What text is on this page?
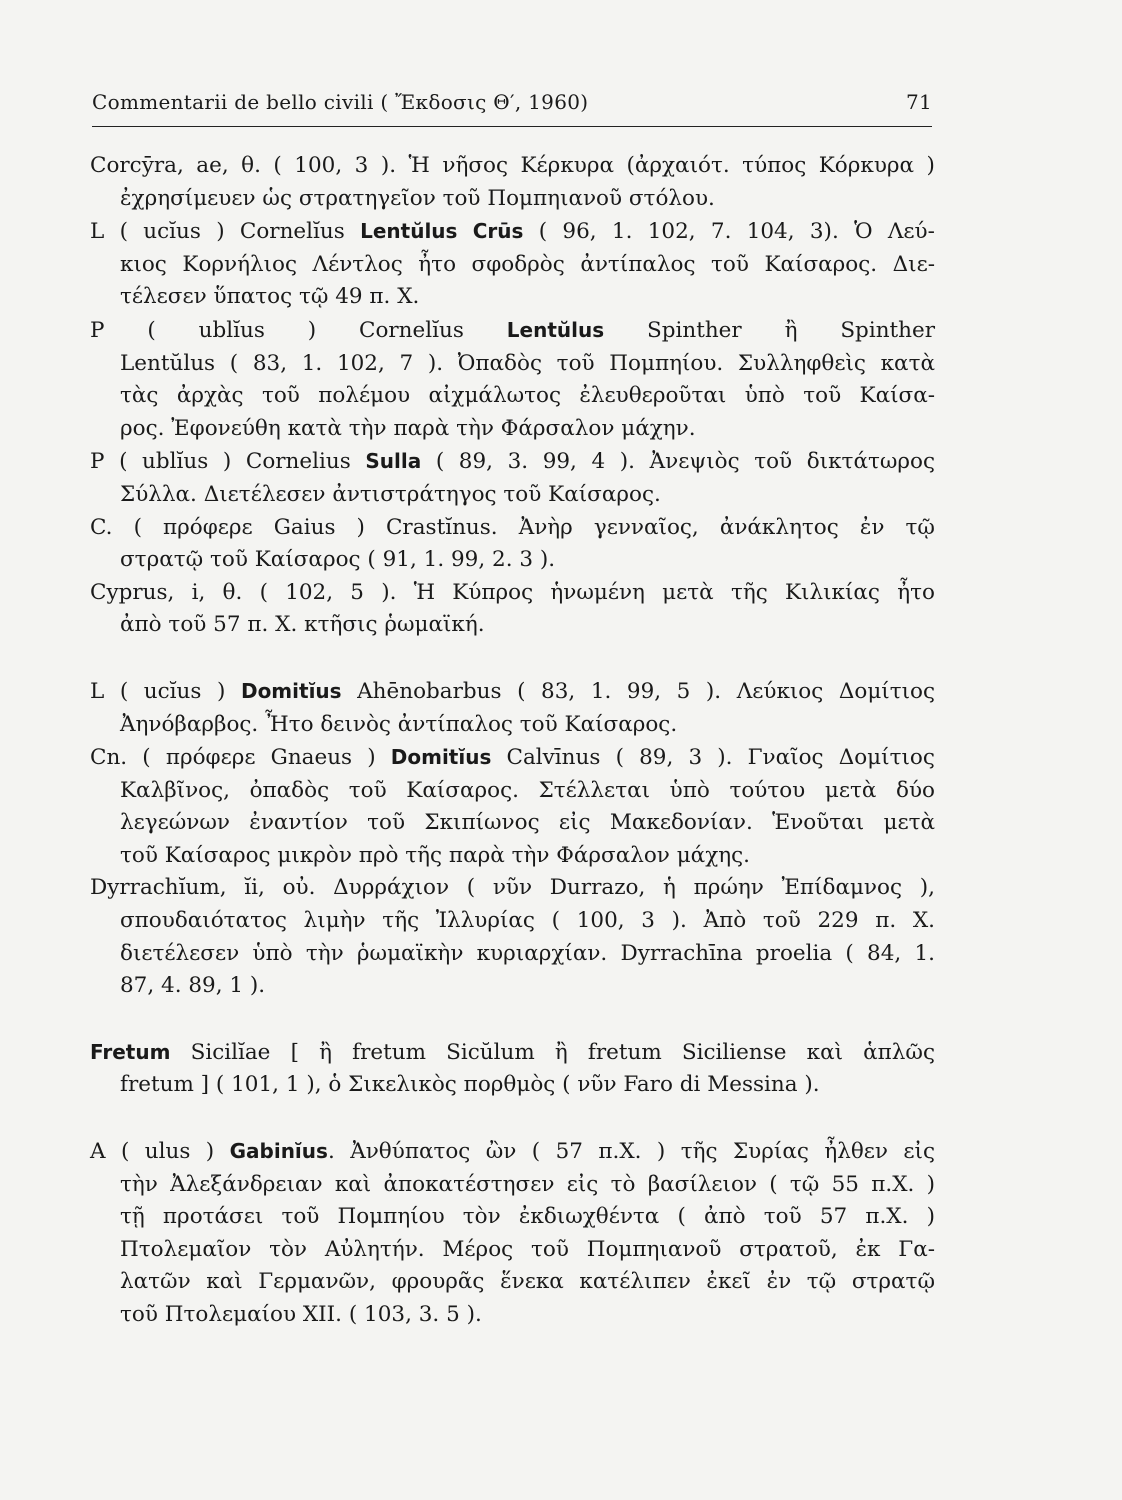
Commentarii de bello civili ( Ἔκδοσις Θ′, 1960)	71

Corcȳra, ae, θ. ( 100, 3 ). Ἡ νῆσος Κέρκυρα (ἀρχαιότ. τύπος Κόρκυρα )
ἐχρησίμευεν ὡς στρατηγεῖον τοῦ Πομπηιανοῦ στόλου.

L ( ucĭus ) Cornelĭus Lentŭlus Crūs ( 96, 1. 102, 7. 104, 3). Ὁ Λεύ-
κιος Κορνήλιος Λέντλος ἦτο σφοδρὸς ἀντίπαλος τοῦ Καίσαρος. Διε-
τέλεσεν ὕπατος τῷ 49 π. Χ.

P ( ublĭus ) Cornelĭus Lentŭlus Spinther ἢ Spinther
Lentŭlus ( 83, 1. 102, 7 ). Ὀπαδὸς τοῦ Πομπηίου. Συλληφθεὶς κατὰ
τὰς ἀρχὰς τοῦ πολέμου αἰχμάλωτος ἐλευθεροῦται ὑπὸ τοῦ Καίσα-
ρος. Ἐφονεύθη κατὰ τὴν παρὰ τὴν Φάρσαλον μάχην.

P ( ublĭus ) Cornelius Sulla ( 89, 3. 99, 4 ). Ἀνεψιὸς τοῦ δικτάτωρος
Σύλλα. Διετέλεσεν ἀντιστράτηγος τοῦ Καίσαρος.

C. ( πρόφερε Gaius ) Crastĭnus. Ἀνὴρ γενναῖος, ἀνάκλητος ἐν τῷ
στρατῷ τοῦ Καίσαρος ( 91, 1. 99, 2. 3 ).

Cyprus, i, θ. ( 102, 5 ). Ἡ Κύπρος ἡνωμένη μετὰ τῆς Κιλικίας ἦτο
ἀπὸ τοῦ 57 π. Χ. κτῆσις ῥωμαϊκή.

L ( ucĭus ) Domitĭus Ahēnobarbus ( 83, 1. 99, 5 ). Λεύκιος Δομίτιος
Ἀηνόβαρβος. Ἦτο δεινὸς ἀντίπαλος τοῦ Καίσαρος.

Cn. ( πρόφερε Gnaeus ) Domitĭus Calvīnus ( 89, 3 ). Γναῖος Δομίτιος
Καλβῖνος, ὀπαδὸς τοῦ Καίσαρος. Στέλλεται ὑπὸ τούτου μετὰ δύο
λεγεώνων ἐναντίον τοῦ Σκιπίωνος εἰς Μακεδονίαν. Ἑνοῦται μετὰ
τοῦ Καίσαρος μικρὸν πρὸ τῆς παρὰ τὴν Φάρσαλον μάχης.

Dyrrachĭum, ĭi, οὐ. Δυρράχιον ( νῦν Durrazo, ἡ πρώην Ἐπίδαμνος ),
σπουδαιότατος λιμὴν τῆς Ἰλλυρίας ( 100, 3 ). Ἀπὸ τοῦ 229 π. Χ.
διετέλεσεν ὑπὸ τὴν ῥωμαϊκὴν κυριαρχίαν. Dyrrachīna proelia ( 84, 1.
87, 4. 89, 1 ).

Fretum Sicilĭae [ ἢ fretum Sicŭlum ἢ fretum Siciliense καὶ ἁπλῶς
fretum ] ( 101, 1 ), ὁ Σικελικὸς πορθμὸς ( νῦν Faro di Messina ).

A ( ulus ) Gabinĭus. Ἀνθύπατος ὢν ( 57 π.Χ. ) τῆς Συρίας ἦλθεν εἰς
τὴν Ἀλεξάνδρειαν καὶ ἀποκατέστησεν εἰς τὸ βασίλειον ( τῷ 55 π.Χ. )
τῇ προτάσει τοῦ Πομπηίου τὸν ἐκδιωχθέντα ( ἀπὸ τοῦ 57 π.Χ. )
Πτολεμαῖον τὸν Αὐλητήν. Μέρος τοῦ Πομπηιανοῦ στρατοῦ, ἐκ Γα-
λατῶν καὶ Γερμανῶν, φρουρᾶς ἕνεκα κατέλιπεν ἐκεῖ ἐν τῷ στρατῷ
τοῦ Πτολεμαίου XII. ( 103, 3. 5 ).
